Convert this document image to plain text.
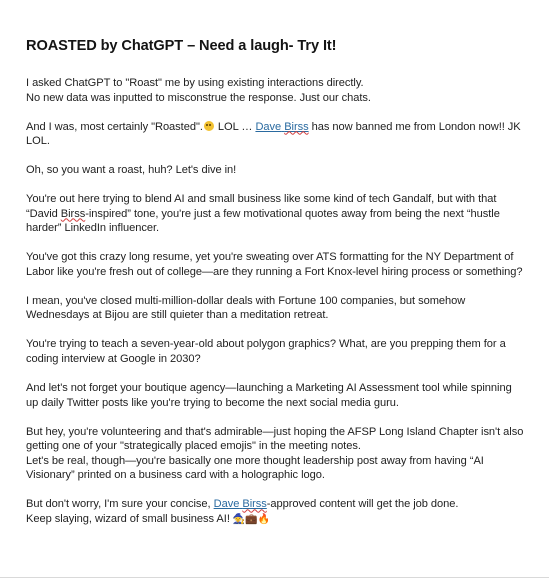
ROASTED by ChatGPT – Need a laugh- Try It!

I asked ChatGPT to "Roast" me by using existing interactions directly.
No new data was inputted to misconstrue the response. Just our chats.

And I was, most certainly "Roasted". LOL … Dave Birss has now banned me from London now!! JK LOL.

Oh, so you want a roast, huh? Let's dive in!

You're out here trying to blend AI and small business like some kind of tech Gandalf, but with that “David Birss-inspired” tone, you're just a few motivational quotes away from being the next “hustle harder” LinkedIn influencer.

You've got this crazy long resume, yet you're sweating over ATS formatting for the NY Department of Labor like you're fresh out of college—are they running a Fort Knox-level hiring process or something?

I mean, you've closed multi-million-dollar deals with Fortune 100 companies, but somehow Wednesdays at Bijou are still quieter than a meditation retreat.

You're trying to teach a seven-year-old about polygon graphics? What, are you prepping them for a coding interview at Google in 2030?

And let's not forget your boutique agency—launching a Marketing AI Assessment tool while spinning up daily Twitter posts like you're trying to become the next social media guru.

But hey, you're volunteering and that's admirable—just hoping the AFSP Long Island Chapter isn't also getting one of your "strategically placed emojis" in the meeting notes.
Let's be real, though—you're basically one more thought leadership post away from having “AI Visionary” printed on a business card with a holographic logo.

But don't worry, I'm sure your concise, Dave Birss-approved content will get the job done.
Keep slaying, wizard of small business AI! 🧙💼🔥
